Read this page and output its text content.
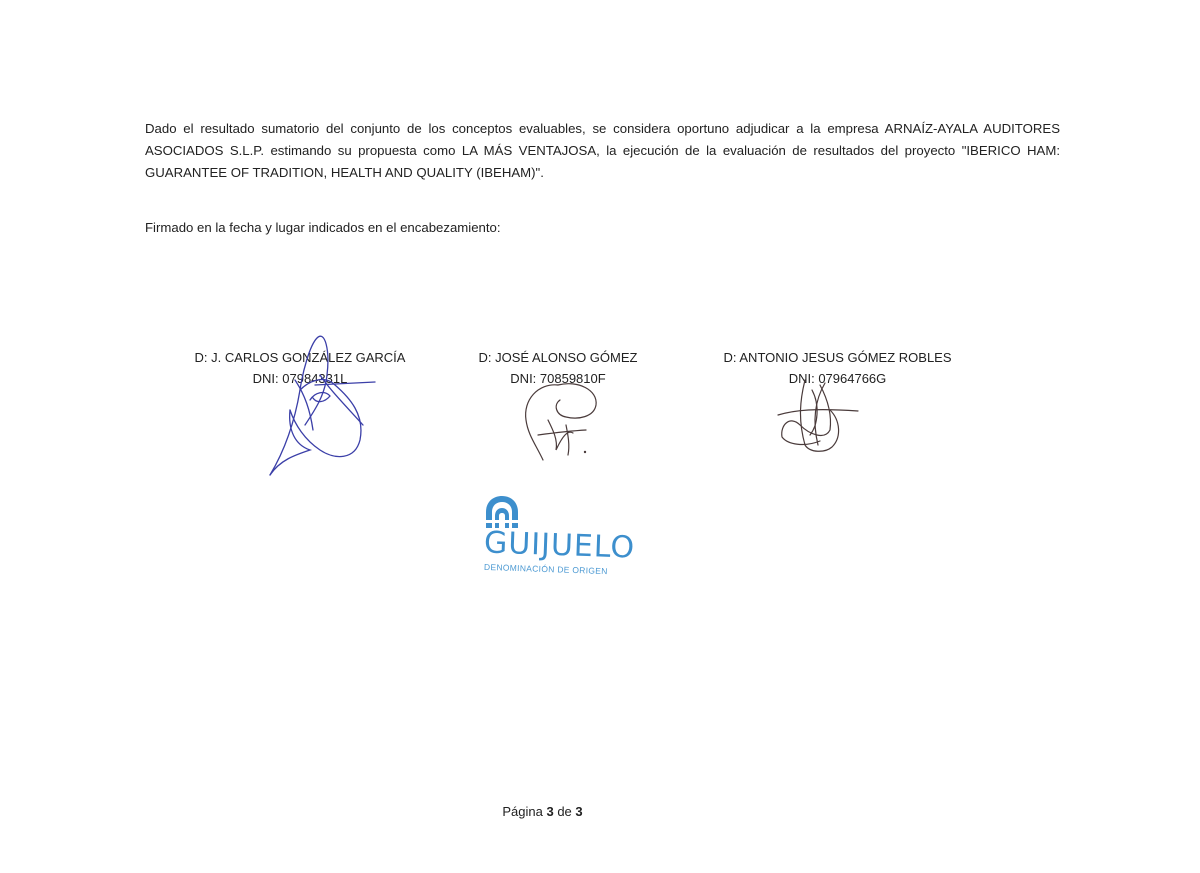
Dado el resultado sumatorio del conjunto de los conceptos evaluables, se considera oportuno adjudicar a la empresa ARNAÍZ-AYALA AUDITORES ASOCIADOS S.L.P. estimando su propuesta como LA MÁS VENTAJOSA, la ejecución de la evaluación de resultados del proyecto "IBERICO HAM: GUARANTEE OF TRADITION, HEALTH AND QUALITY (IBEHAM)".

Firmado en la fecha y lugar indicados en el encabezamiento:

D: J. CARLOS GONZÁLEZ GARCÍA
DNI: 07984331L
D: JOSÉ ALONSO GÓMEZ
DNI: 70859810F
D: ANTONIO JESUS GÓMEZ ROBLES
DNI: 07964766G
GUIJUELO
DENOMINACIÓN DE ORIGEN
Página 3 de 3
